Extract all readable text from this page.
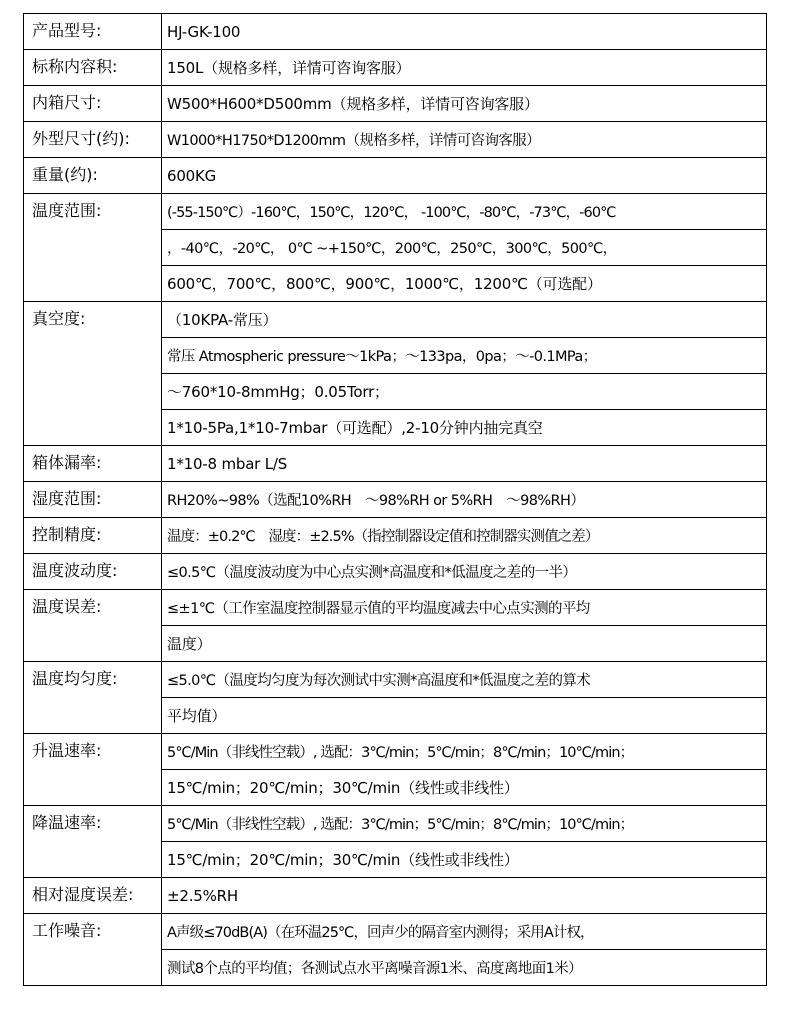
产品型号:	HJ-GK-100

标称内容积:	150L（规格多样，详情可咨询客服）

内箱尺寸:	W500*H600*D500mm（规格多样，详情可咨询客服）

外型尺寸(约):	W1000*H1750*D1200mm（规格多样，详情可咨询客服）

重量(约):	600KG

温度范围:	(-55-150℃）-160℃，150℃，120℃， -100℃，-80℃，-73℃，-60℃
	，-40℃，-20℃， 0℃ ~+150℃，200℃，250℃，300℃，500℃，
	600℃，700℃，800℃，900℃，1000℃，1200℃（可选配）

真空度:	（10KPA-常压）
	常压 Atmospheric pressure～1kPa；～133pa，0pa；～-0.1MPa；
	～760*10-8mmHg；0.05Torr；
	1*10-5Pa,1*10-7mbar（可选配）,2-10分钟内抽完真空

箱体漏率:	1*10-8 mbar L/S

湿度范围:	RH20%~98%（选配10%RH　～98%RH or 5%RH　～98%RH）

控制精度:	温度：±0.2℃　湿度：±2.5%（指控制器设定值和控制器实测值之差）

温度波动度:	≤0.5℃（温度波动度为中心点实测*高温度和*低温度之差的一半）

温度误差:	≤±1℃（工作室温度控制器显示值的平均温度减去中心点实测的平均
	温度）

温度均匀度:	≤5.0℃（温度均匀度为每次测试中实测*高温度和*低温度之差的算术
	平均值）

升温速率:	5℃/Min（非线性空载）, 选配：3℃/min；5℃/min；8℃/min；10℃/min；
	15℃/min；20℃/min；30℃/min（线性或非线性）

降温速率:	5℃/Min（非线性空载）, 选配：3℃/min；5℃/min；8℃/min；10℃/min；
	15℃/min；20℃/min；30℃/min（线性或非线性）

相对湿度误差:	±2.5%RH

工作噪音:	A声级≤70dB(A)（在环温25℃，回声少的隔音室内测得；采用A计权，
	测试8个点的平均值；各测试点水平离噪音源1米、高度离地面1米）
